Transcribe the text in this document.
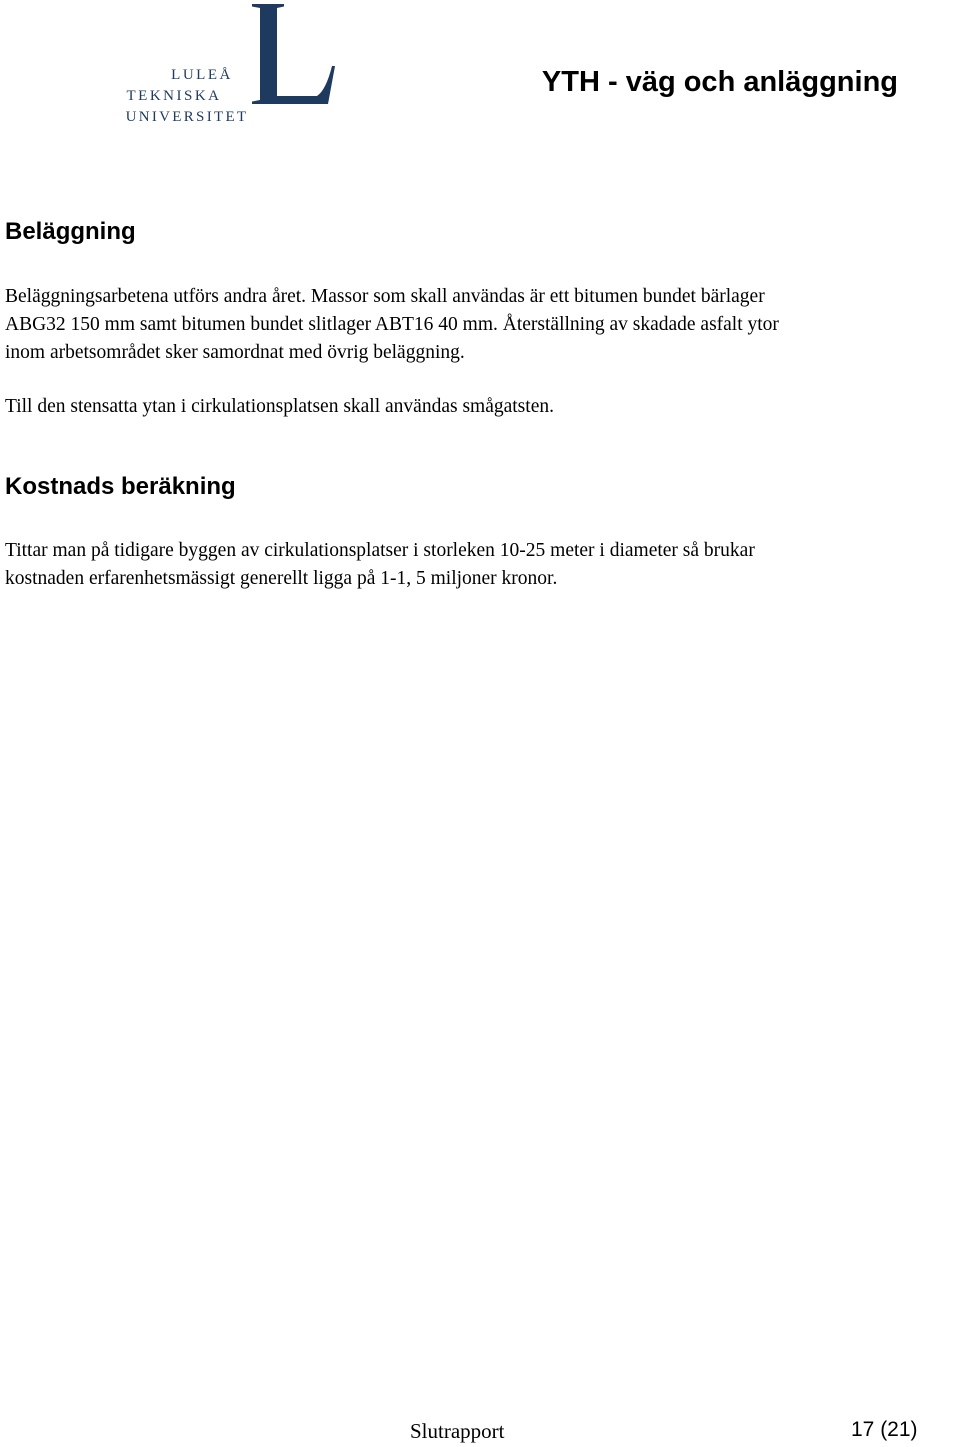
LULEÅ
TEKNISKA
UNIVERSITET
YTH - väg och anläggning
Beläggning
Beläggningsarbetena utförs andra året. Massor som skall användas är ett bitumen bundet bärlager
ABG32 150 mm samt bitumen bundet slitlager ABT16 40 mm. Återställning av skadade asfalt ytor
inom arbetsområdet sker samordnat med övrig beläggning.
Till den stensatta ytan i cirkulationsplatsen skall användas smågatsten.
Kostnads beräkning
Tittar man på tidigare byggen av cirkulationsplatser i storleken 10-25 meter i diameter så brukar
kostnaden erfarenhetsmässigt generellt ligga på 1-1, 5 miljoner kronor.
Slutrapport	17 (21)
